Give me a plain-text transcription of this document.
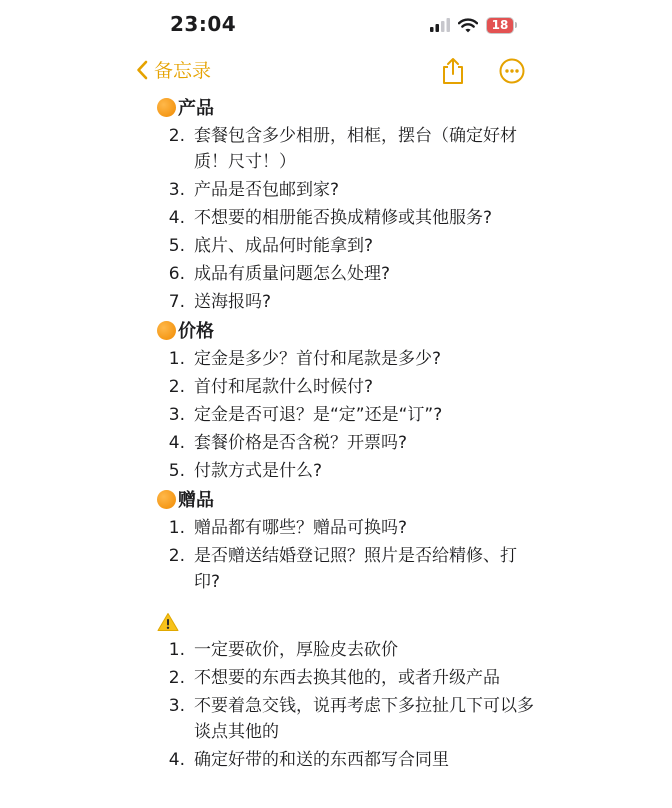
23:04	18
备忘录
产品
2. 套餐包含多少相册，相框，摆台（确定好材质！尺寸！）
3. 产品是否包邮到家?
4. 不想要的相册能否换成精修或其他服务?
5. 底片、成品何时能拿到?
6. 成品有质量问题怎么处理?
7. 送海报吗?
价格
1. 定金是多少？首付和尾款是多少?
2. 首付和尾款什么时候付?
3. 定金是否可退？是“定”还是“订”?
4. 套餐价格是否含税？开票吗?
5. 付款方式是什么?
赠品
1. 赠品都有哪些？赠品可换吗?
2. 是否赠送结婚登记照？照片是否给精修、打印?
1. 一定要砍价，厚脸皮去砍价
2. 不想要的东西去换其他的，或者升级产品
3. 不要着急交钱，说再考虑下多拉扯几下可以多谈点其他的
4. 确定好带的和送的东西都写合同里
